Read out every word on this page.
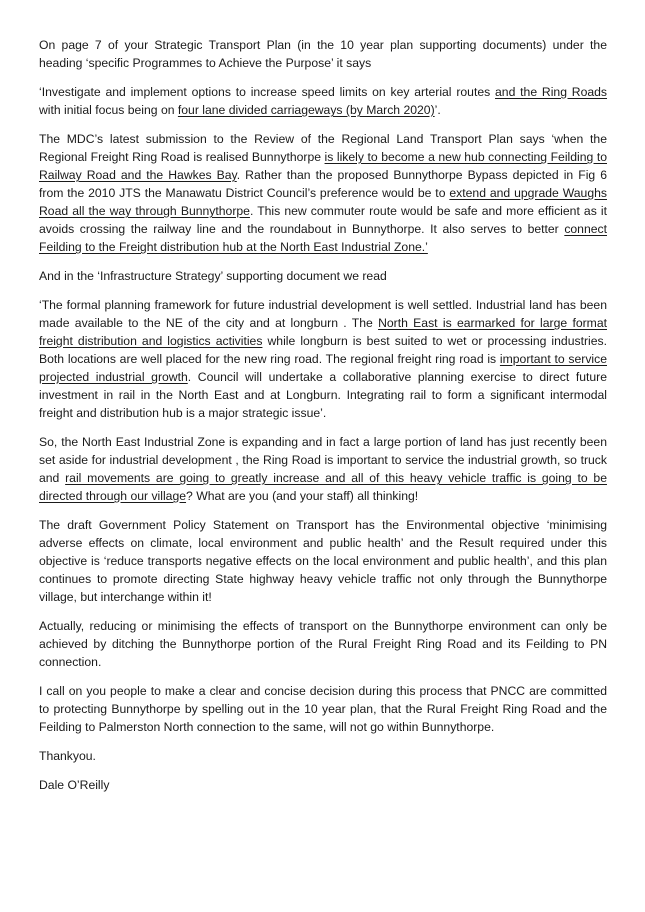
On page 7 of your Strategic Transport Plan (in the 10 year plan supporting documents) under the heading ‘specific Programmes to Achieve the Purpose’ it says

‘Investigate and implement options to increase speed limits on key arterial routes and the Ring Roads with initial focus being on four lane divided carriageways (by March 2020)’.

The MDC’s latest submission to the Review of the Regional Land Transport Plan says ‘when the Regional Freight Ring Road is realised Bunnythorpe is likely to become a new hub connecting Feilding to Railway Road and the Hawkes Bay. Rather than the proposed Bunnythorpe Bypass depicted in Fig 6 from the 2010 JTS the Manawatu District Council’s preference would be to extend and upgrade Waughs Road all the way through Bunnythorpe. This new commuter route would be safe and more efficient as it avoids crossing the railway line and the roundabout in Bunnythorpe. It also serves to better connect Feilding to the Freight distribution hub at the North East Industrial Zone.’

And in the ‘Infrastructure Strategy’ supporting document we read

‘The formal planning framework for future industrial development is well settled. Industrial land has been made available to the NE of the city and at longburn . The North East is earmarked for large format freight distribution and logistics activities while longburn is best suited to wet or processing industries. Both locations are well placed for the new ring road. The regional freight ring road is important to service projected industrial growth. Council will undertake a collaborative planning exercise to direct future investment in rail in the North East and at Longburn. Integrating rail to form a significant intermodal freight and distribution hub is a major strategic issue’.

So, the North East Industrial Zone is expanding and in fact a large portion of land has just recently been set aside for industrial development , the Ring Road is important to service the industrial growth, so truck and rail movements are going to greatly increase and all of this heavy vehicle traffic is going to be directed through our village? What are you (and your staff) all thinking!

The draft Government Policy Statement on Transport has the Environmental objective ‘minimising adverse effects on climate, local environment and public health’ and the Result required under this objective is ‘reduce transports negative effects on the local environment and public health’, and this plan continues to promote directing State highway heavy vehicle traffic not only through the Bunnythorpe village, but interchange within it!

Actually, reducing or minimising the effects of transport on the Bunnythorpe environment can only be achieved by ditching the Bunnythorpe portion of the Rural Freight Ring Road and its Feilding to PN connection.

I call on you people to make a clear and concise decision during this process that PNCC are committed to protecting Bunnythorpe by spelling out in the 10 year plan, that the Rural Freight Ring Road and the Feilding to Palmerston North connection to the same, will not go within Bunnythorpe.

Thankyou.

Dale O’Reilly
